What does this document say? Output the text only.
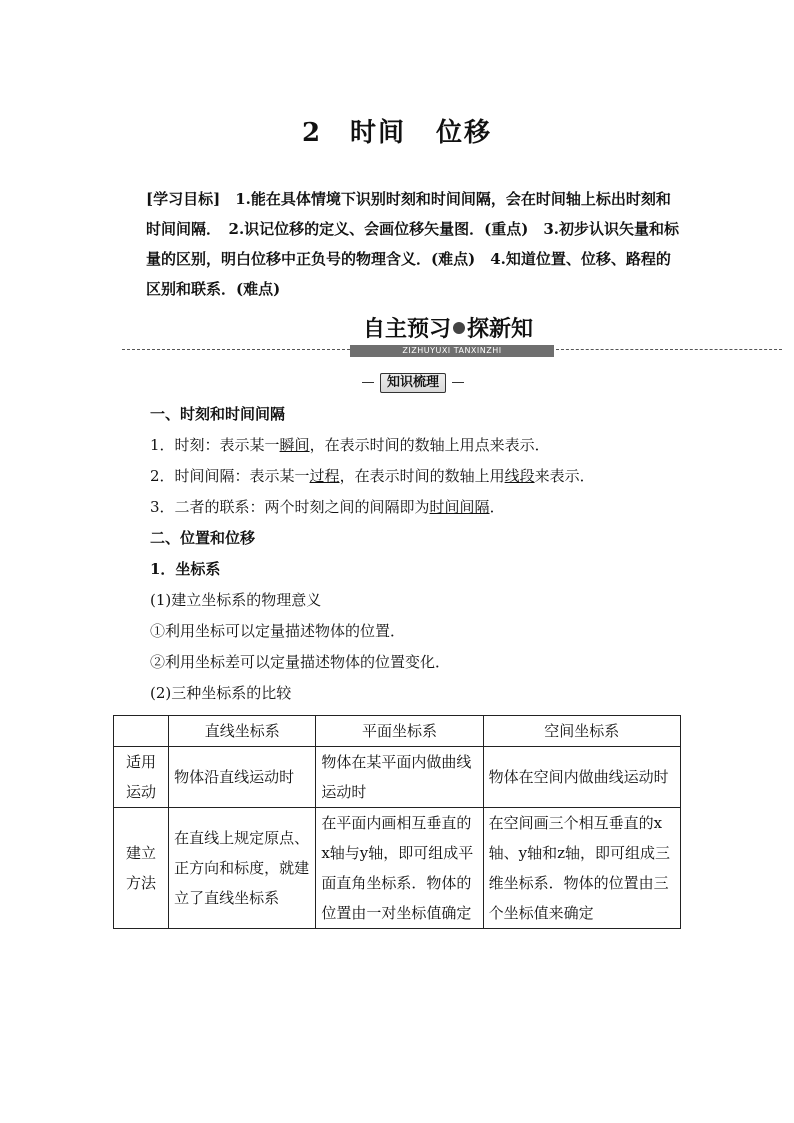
2 时间 位移
[学习目标]　1.能在具体情境下识别时刻和时间间隔，会在时间轴上标出时刻和时间间隔．　2.识记位移的定义、会画位移矢量图．(重点)　3.初步认识矢量和标量的区别，明白位移中正负号的物理含义．(难点)　4.知道位置、位移、路程的区别和联系．(难点)
自主预习 探新知
ZIZHUYUXI TANXINZHI
知识梳理
一、时刻和时间间隔
1．时刻：表示某一瞬间，在表示时间的数轴上用点来表示．
2．时间间隔：表示某一过程，在表示时间的数轴上用线段来表示．
3．二者的联系：两个时刻之间的间隔即为时间间隔．
二、位置和位移
1．坐标系
(1)建立坐标系的物理意义
①利用坐标可以定量描述物体的位置．
②利用坐标差可以定量描述物体的位置变化．
(2)三种坐标系的比较
	直线坐标系	平面坐标系	空间坐标系
适用运动	物体沿直线运动时	物体在某平面内做曲线运动时	物体在空间内做曲线运动时
建立方法	在直线上规定原点、正方向和标度，就建立了直线坐标系	在平面内画相互垂直的x轴与y轴，即可组成平面直角坐标系．物体的位置由一对坐标值确定	在空间画三个相互垂直的x轴、y轴和z轴，即可组成三维坐标系．物体的位置由三个坐标值来确定
